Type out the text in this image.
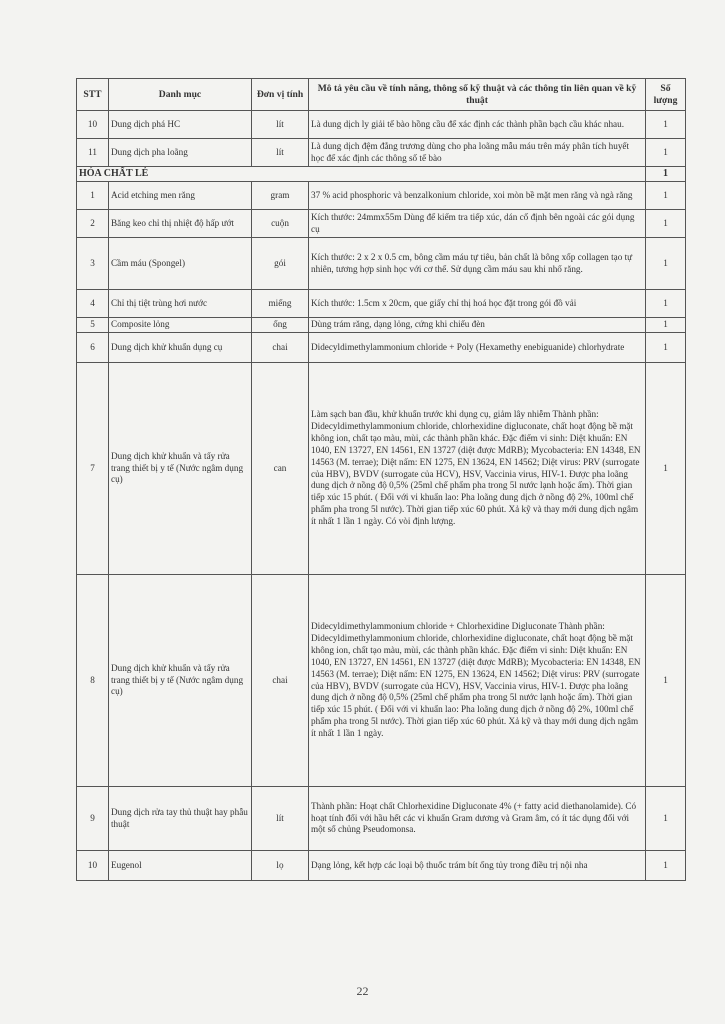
STT	Danh mục	Đơn vị tính	Mô tả yêu cầu về tính năng, thông số kỹ thuật và các thông tin liên quan về kỹ thuật	Số lượng
10	Dung dịch phá HC	lít	Là dung dịch ly giải tế bào hồng cầu để xác định các thành phần bạch cầu khác nhau.	1
11	Dung dịch pha loãng	lít	Là dung dịch đệm đẳng trương dùng cho pha loãng mẫu máu trên máy phân tích huyết học để xác định các thông số tế bào	1
HÓA CHẤT LẺ				1
1	Acid etching men răng	gram	37 % acid phosphoric và benzalkonium chloride, xoi mòn bề mặt men răng và ngà răng	1
2	Băng keo chỉ thị nhiệt độ hấp ướt	cuộn	Kích thước: 24mmx55m Dùng để kiểm tra tiếp xúc, dán cố định bên ngoài các gói dụng cụ	1
3	Cầm máu (Spongel)	gói	Kích thước: 2 x 2 x 0.5 cm, bông cầm máu tự tiêu, bản chất là bông xốp collagen tạo tự nhiên, tương hợp sinh học với cơ thể. Sử dụng cầm máu sau khi nhổ răng.	1
4	Chỉ thị tiệt trùng hơi nước	miếng	Kích thước: 1.5cm x 20cm, que giấy chỉ thị hoá học đặt trong gói đồ vải	1
5	Composite lỏng	ống	Dùng trám răng, dạng lỏng, cứng khi chiếu đèn	1
6	Dung dịch khử khuẩn dụng cụ	chai	Didecyldimethylammonium chloride + Poly (Hexamethy enebiguanide) chlorhydrate	1
7	Dung dịch khử khuẩn và tẩy rửa trang thiết bị y tế (Nước ngâm dụng cụ)	can	Làm sạch ban đầu, khử khuẩn trước khi dụng cụ, giảm lây nhiễm Thành phần: Didecyldimethylammonium chloride, chlorhexidine digluconate, chất hoạt động bề mặt không ion, chất tạo màu, mùi, các thành phần khác. Đặc điểm vi sinh: Diệt khuẩn: EN 1040, EN 13727, EN 14561, EN 13727 (diệt được MdRB); Mycobacteria: EN 14348, EN 14563 (M. terrae); Diệt nấm: EN 1275, EN 13624, EN 14562; Diệt virus: PRV (surrogate của HBV), BVDV (surrogate của HCV), HSV, Vaccinia virus, HIV-1. Được pha loãng dung dịch ở nồng độ 0,5% (25ml chế phẩm pha trong 5l nước lạnh hoặc ấm). Thời gian tiếp xúc 15 phút. ( Đối với vi khuẩn lao: Pha loãng dung dịch ở nồng độ 2%, 100ml chế phẩm pha trong 5l nước). Thời gian tiếp xúc 60 phút. Xả kỹ và thay mới dung dịch ngâm ít nhất 1 lần 1 ngày. Có vòi định lượng.	1
8	Dung dịch khử khuẩn và tẩy rửa trang thiết bị y tế (Nước ngâm dụng cụ)	chai	Didecyldimethylammonium chloride + Chlorhexidine Digluconate Thành phần: Didecyldimethylammonium chloride, chlorhexidine digluconate, chất hoạt động bề mặt không ion, chất tạo màu, mùi, các thành phần khác. Đặc điểm vi sinh: Diệt khuẩn: EN 1040, EN 13727, EN 14561, EN 13727 (diệt được MdRB); Mycobacteria: EN 14348, EN 14563 (M. terrae); Diệt nấm: EN 1275, EN 13624, EN 14562; Diệt virus: PRV (surrogate của HBV), BVDV (surrogate của HCV), HSV, Vaccinia virus, HIV-1. Được pha loãng dung dịch ở nồng độ 0,5% (25ml chế phẩm pha trong 5l nước lạnh hoặc ấm). Thời gian tiếp xúc 15 phút. ( Đối với vi khuẩn lao: Pha loãng dung dịch ở nồng độ 2%, 100ml chế phẩm pha trong 5l nước). Thời gian tiếp xúc 60 phút. Xả kỹ và thay mới dung dịch ngâm ít nhất 1 lần 1 ngày.	1
9	Dung dịch rửa tay thủ thuật hay phẫu thuật	lít	Thành phần: Hoạt chất Chlorhexidine Digluconate 4% (+ fatty acid diethanolamide). Có hoạt tính đối với hầu hết các vi khuẩn Gram dương và Gram âm, có ít tác dụng đối với một số chủng Pseudomonsa.	1
10	Eugenol	lọ	Dạng lỏng, kết hợp các loại bộ thuốc trám bít ống tủy trong điều trị nội nha	1
22
